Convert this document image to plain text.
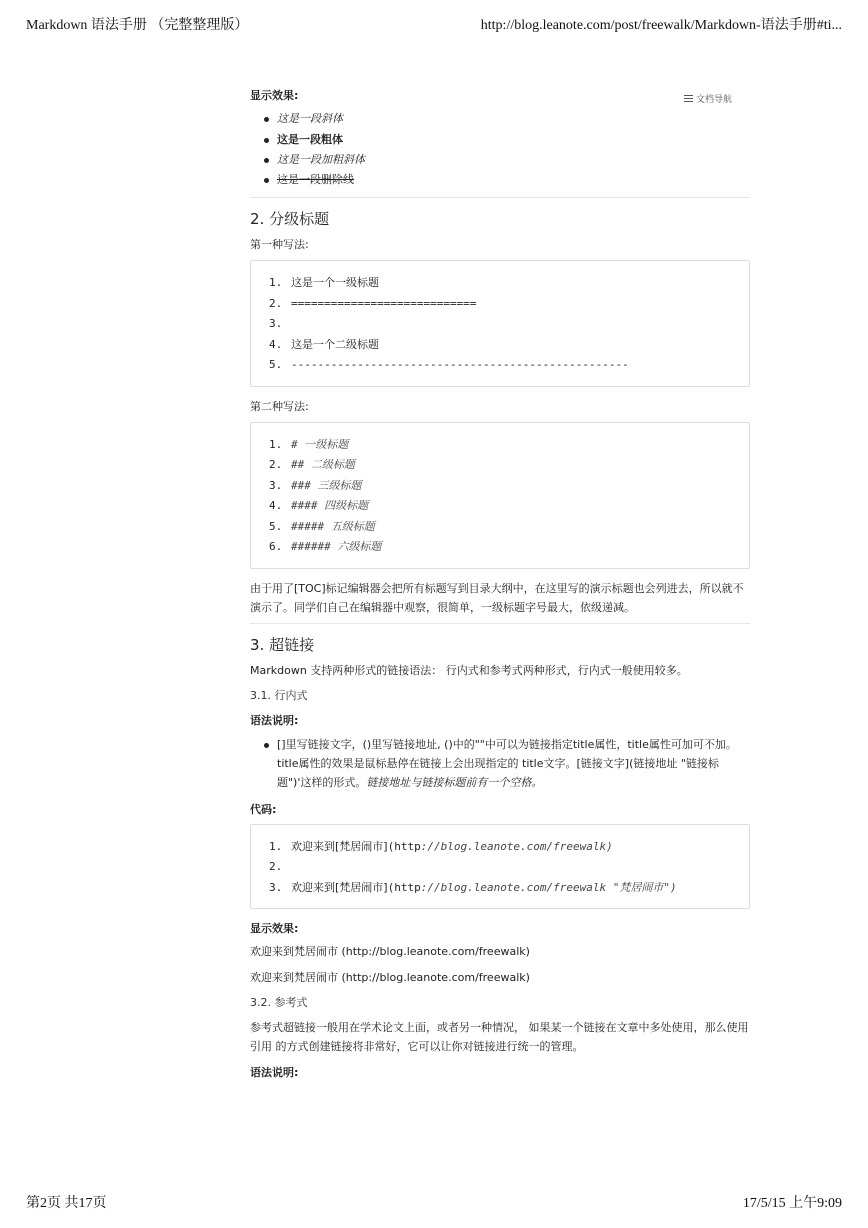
Markdown 语法手册 （完整整理版）	http://blog.leanote.com/post/freewalk/Markdown-语法手册#ti...
文档导航
显示效果:
这是一段斜体
这是一段粗体
这是一段加粗斜体
这是一段删除线
2. 分级标题

第一种写法:

1. 这是一个一级标题
2. ============================
3.
4. 这是一个二级标题
5. ---------------------------------------------------

第二种写法:

1. # 一级标题
2. ## 二级标题
3. ### 三级标题
4. #### 四级标题
5. ##### 五级标题
6. ###### 六级标题

由于用了[TOC]标记编辑器会把所有标题写到目录大纲中，在这里写的演示标题也会列进去，所以就不演示了。同学们自己在编辑器中观察，很简单，一级标题字号最大，依级递减。

3. 超链接

Markdown 支持两种形式的链接语法： 行内式和参考式两种形式，行内式一般使用较多。

3.1. 行内式
语法说明:
[]里写链接文字，()里写链接地址, ()中的""中可以为链接指定title属性，title属性可加可不加。title属性的效果是鼠标悬停在链接上会出现指定的 title文字。[链接文字](链接地址 "链接标题")'这样的形式。链接地址与链接标题前有一个空格。
代码:
1. 欢迎来到[梵居闹市] (http ://blog.leanote.com/freewalk)
2.
3. 欢迎来到[梵居闹市] (http ://blog.leanote.com/freewalk "梵居闹市")
显示效果:

欢迎来到梵居闹市 (http://blog.leanote.com/freewalk)

欢迎来到梵居闹市 (http://blog.leanote.com/freewalk)

3.2. 参考式

参考式超链接一般用在学术论文上面，或者另一种情况， 如果某一个链接在文章中多处使用，那么使用引用 的方式创建链接将非常好，它可以让你对链接进行统一的管理。

语法说明:
第2页 共17页	17/5/15 上午9:09
